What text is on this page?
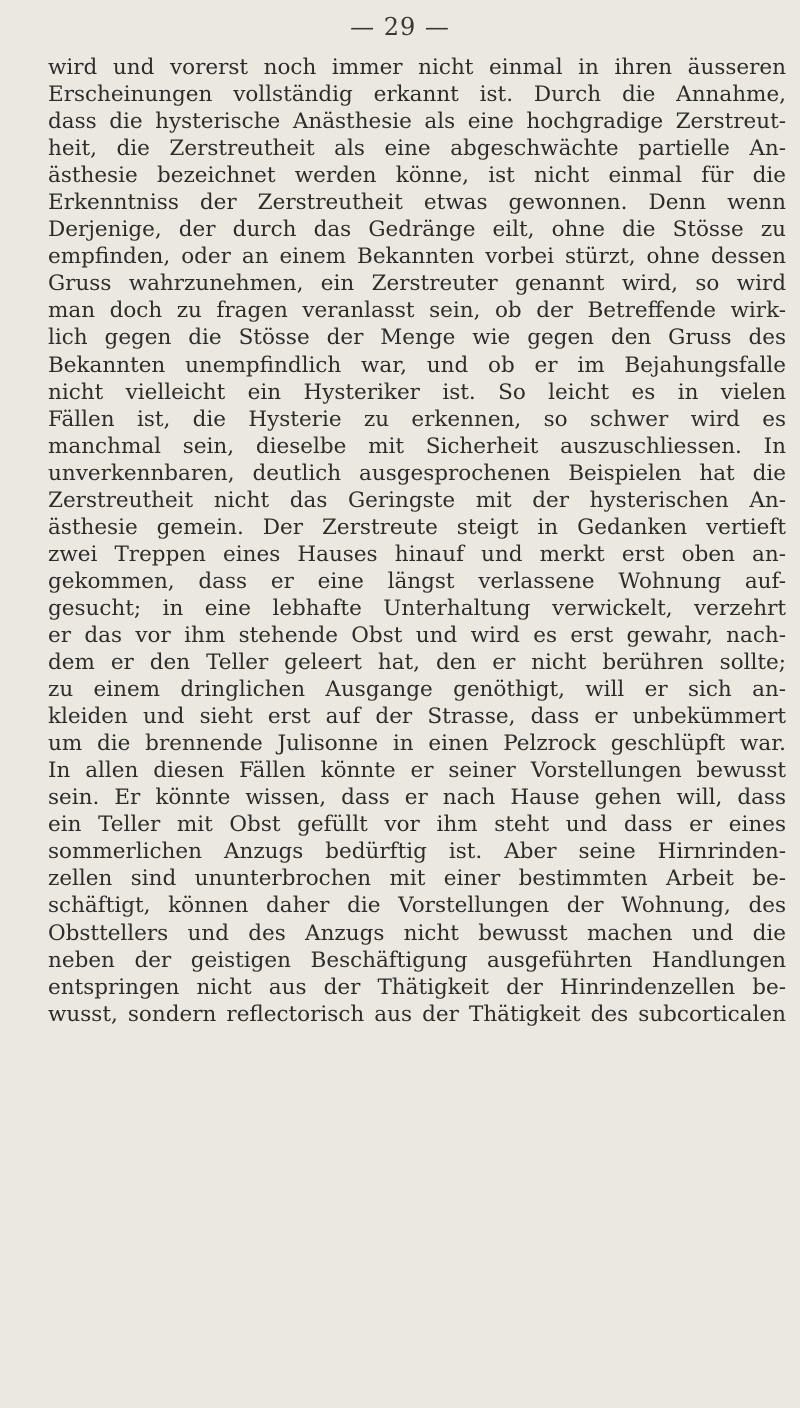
— 29 —
wird und vorerst noch immer nicht einmal in ihren äusseren
Erscheinungen vollständig erkannt ist. Durch die Annahme,
dass die hysterische Anästhesie als eine hochgradige Zerstreut-
heit, die Zerstreutheit als eine abgeschwächte partielle An-
ästhesie bezeichnet werden könne, ist nicht einmal für die
Erkenntniss der Zerstreutheit etwas gewonnen. Denn wenn
Derjenige, der durch das Gedränge eilt, ohne die Stösse zu
empfinden, oder an einem Bekannten vorbei stürzt, ohne dessen
Gruss wahrzunehmen, ein Zerstreuter genannt wird, so wird
man doch zu fragen veranlasst sein, ob der Betreffende wirk-
lich gegen die Stösse der Menge wie gegen den Gruss des
Bekannten unempfindlich war, und ob er im Bejahungsfalle
nicht vielleicht ein Hysteriker ist. So leicht es in vielen
Fällen ist, die Hysterie zu erkennen, so schwer wird es
manchmal sein, dieselbe mit Sicherheit auszuschliessen. In
unverkennbaren, deutlich ausgesprochenen Beispielen hat die
Zerstreutheit nicht das Geringste mit der hysterischen An-
ästhesie gemein. Der Zerstreute steigt in Gedanken vertieft
zwei Treppen eines Hauses hinauf und merkt erst oben an-
gekommen, dass er eine längst verlassene Wohnung auf-
gesucht; in eine lebhafte Unterhaltung verwickelt, verzehrt
er das vor ihm stehende Obst und wird es erst gewahr, nach-
dem er den Teller geleert hat, den er nicht berühren sollte;
zu einem dringlichen Ausgange genöthigt, will er sich an-
kleiden und sieht erst auf der Strasse, dass er unbekümmert
um die brennende Julisonne in einen Pelzrock geschlüpft war.
In allen diesen Fällen könnte er seiner Vorstellungen bewusst
sein. Er könnte wissen, dass er nach Hause gehen will, dass
ein Teller mit Obst gefüllt vor ihm steht und dass er eines
sommerlichen Anzugs bedürftig ist. Aber seine Hirnrinden-
zellen sind ununterbrochen mit einer bestimmten Arbeit be-
schäftigt, können daher die Vorstellungen der Wohnung, des
Obsttellers und des Anzugs nicht bewusst machen und die
neben der geistigen Beschäftigung ausgeführten Handlungen
entspringen nicht aus der Thätigkeit der Hinrindenzellen be-
wusst, sondern reflectorisch aus der Thätigkeit des subcorticalen
